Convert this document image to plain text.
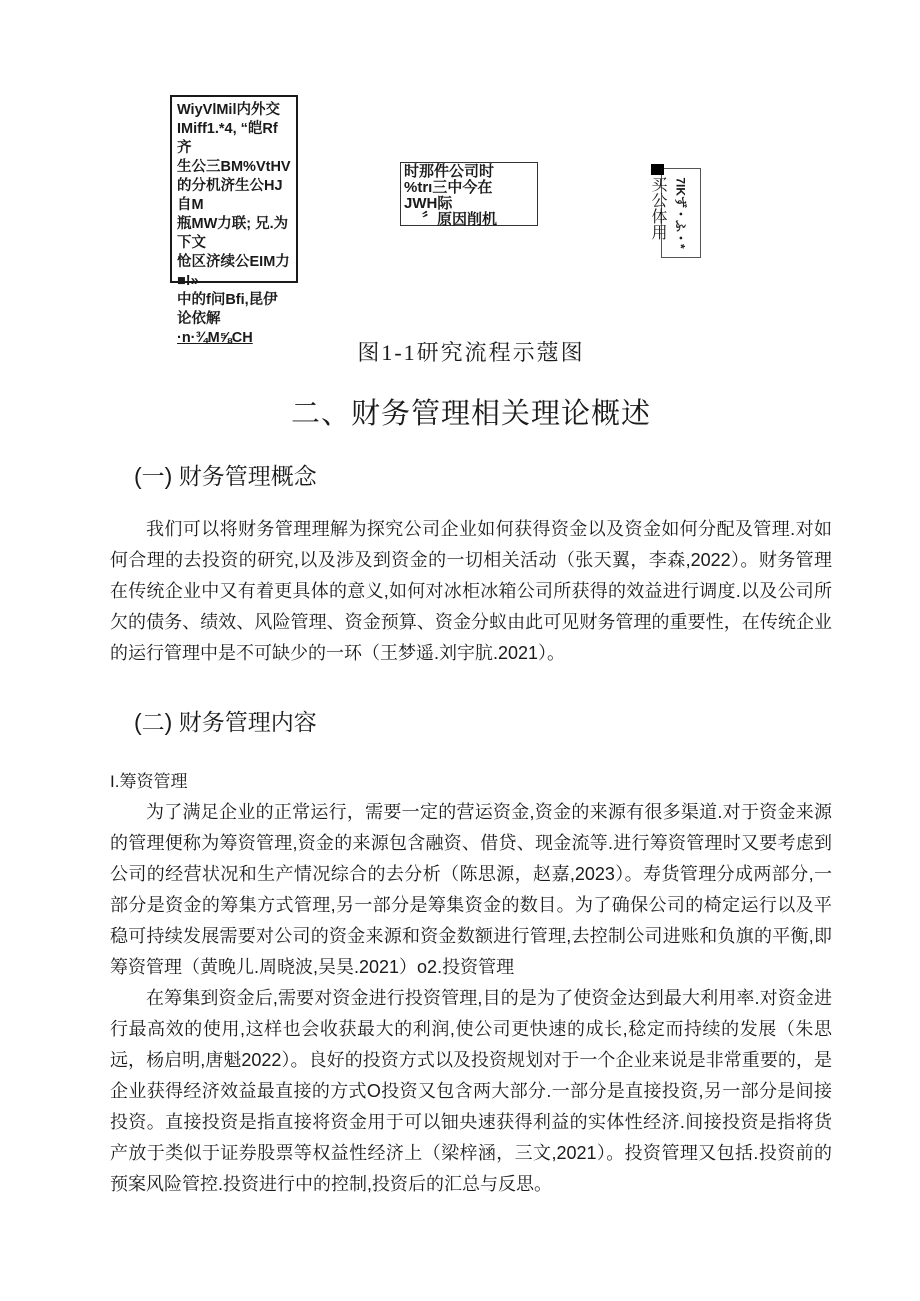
WiyVlMil内外交
IMiff1.*4, “皑Rf齐
生公三BM%VtHV
的分机济生公HJ自M
瓶MW力联; 兄.为下文
怆区济续公EIM力■!»
中的f问Bfi,昆伊论依解
·n·¾M⅝CH
时那件公司时
%trı三中今在
JWH际
〞原因削机	7IKず・ふ・*
买公体用
图1-1研究流程示蔻图
二、财务管理相关理论概述
(一) 财务管理概念

我们可以将财务管理理解为探究公司企业如何获得资金以及资金如何分配及管理.对如何合理的去投资的研究,以及涉及到资金的一切相关活动（张天翼，李森,2022）。财务管理在传统企业中又有着更具体的意义,如何对冰柜冰箱公司所获得的效益进行调度.以及公司所欠的债务、绩效、风险管理、资金预算、资金分蚁由此可见财务管理的重要性，在传统企业的运行管理中是不可缺少的一环（王梦遥.刘宇肮.2021）。

(二) 财务管理内容
I.筹资管理

为了满足企业的正常运行，需要一定的营运资金,资金的来源有很多渠道.对于资金来源的管理便称为筹资管理,资金的来源包含融资、借贷、现金流等.进行筹资管理时又要考虑到公司的经营状况和生产情况综合的去分析（陈思源，赵嘉,2023）。寿货管理分成两部分,一部分是资金的筹集方式管理,另一部分是筹集资金的数目。为了确保公司的椅定运行以及平稳可持续发展需要对公司的资金来源和资金数额进行管理,去控制公司进账和负旗的平衡,即筹资管理（黄晚儿.周晓波,吴昊.2021）o2.投资管理

在筹集到资金后,需要对资金进行投资管理,目的是为了使资金达到最大利用率.对资金进行最高效的使用,这样也会收获最大的利润,使公司更快速的成长,稔定而持续的发展（朱思远，杨启明,唐魁2022）。良好的投资方式以及投资规划对于一个企业来说是非常重要的，是企业获得经济效益最直接的方式O投资又包含两大部分.一部分是直接投资,另一部分是间接投资。直接投资是指直接将资金用于可以钿央速获得利益的实体性经济.间接投资是指将货产放于类似于证券股票等权益性经济上（梁梓涵，三文,2021）。投资管理又包括.投资前的预案风险管控.投资进行中的控制,投资后的汇总与反思。
